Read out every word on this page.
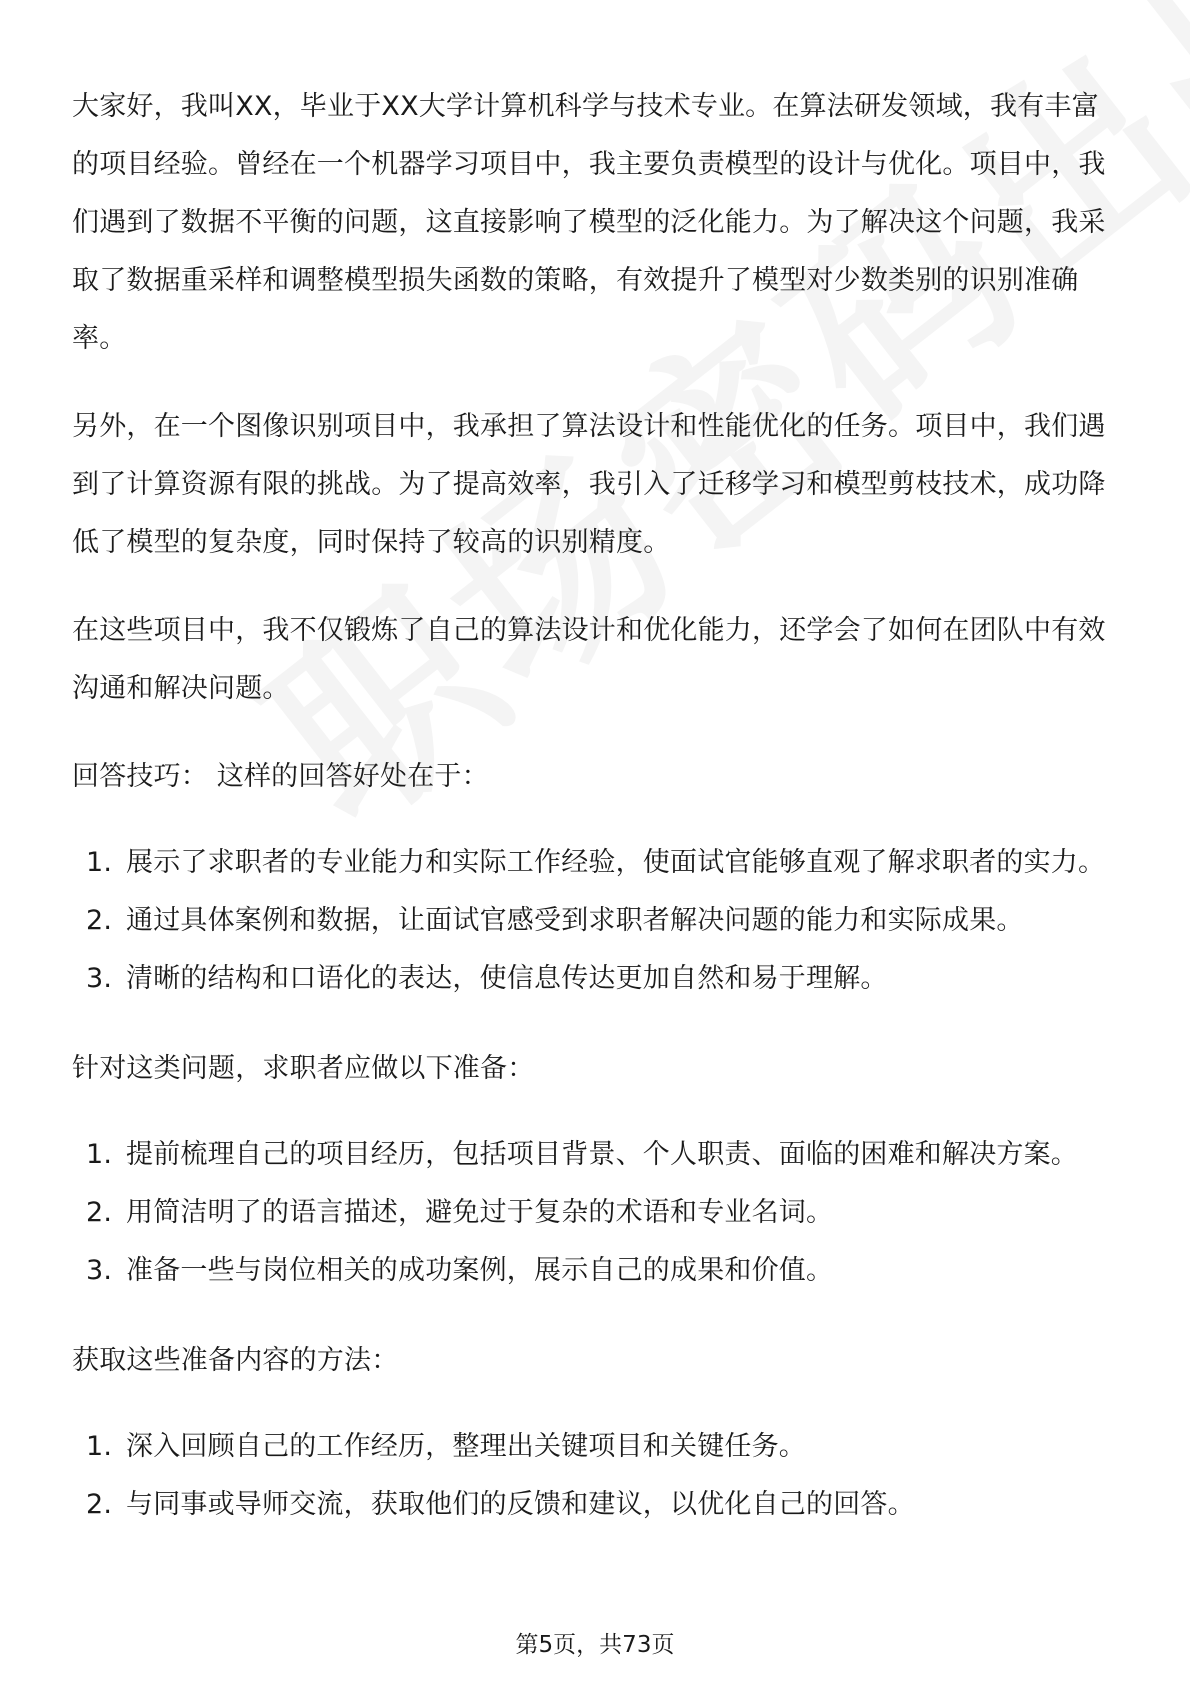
大家好，我叫XX，毕业于XX大学计算机科学与技术专业。在算法研发领域，我有丰富的项目经验。曾经在一个机器学习项目中，我主要负责模型的设计与优化。项目中，我们遇到了数据不平衡的问题，这直接影响了模型的泛化能力。为了解决这个问题，我采取了数据重采样和调整模型损失函数的策略，有效提升了模型对少数类别的识别准确率。

另外，在一个图像识别项目中，我承担了算法设计和性能优化的任务。项目中，我们遇到了计算资源有限的挑战。为了提高效率，我引入了迁移学习和模型剪枝技术，成功降低了模型的复杂度，同时保持了较高的识别精度。

在这些项目中，我不仅锻炼了自己的算法设计和优化能力，还学会了如何在团队中有效沟通和解决问题。

回答技巧： 这样的回答好处在于：

1. 展示了求职者的专业能力和实际工作经验，使面试官能够直观了解求职者的实力。
2. 通过具体案例和数据，让面试官感受到求职者解决问题的能力和实际成果。
3. 清晰的结构和口语化的表达，使信息传达更加自然和易于理解。

针对这类问题，求职者应做以下准备：

1. 提前梳理自己的项目经历，包括项目背景、个人职责、面临的困难和解决方案。
2. 用简洁明了的语言描述，避免过于复杂的术语和专业名词。
3. 准备一些与岗位相关的成功案例，展示自己的成果和价值。

获取这些准备内容的方法：

1. 深入回顾自己的工作经历，整理出关键项目和关键任务。
2. 与同事或导师交流，获取他们的反馈和建议，以优化自己的回答。
第5页，共73页
